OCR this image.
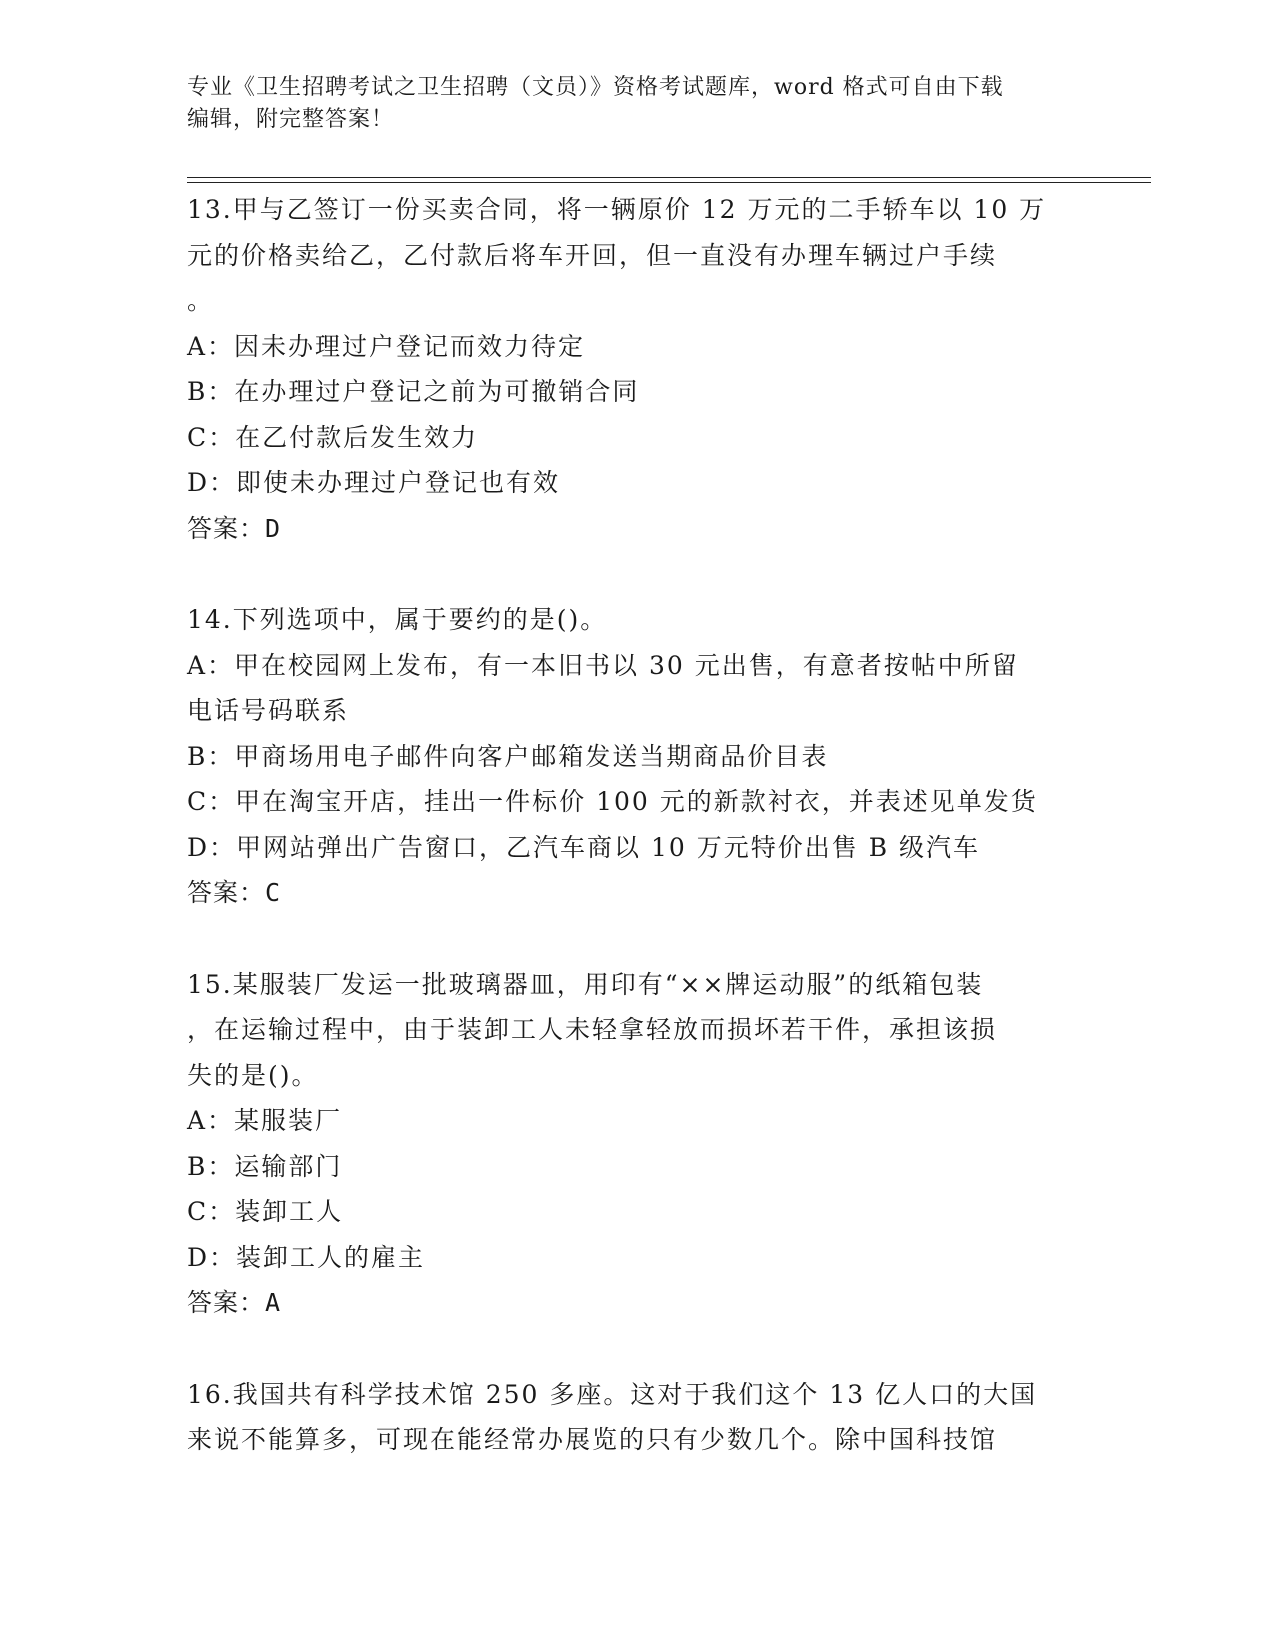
专业《卫生招聘考试之卫生招聘（文员）》资格考试题库，word 格式可自由下载
编辑，附完整答案！
13.甲与乙签订一份买卖合同，将一辆原价 12 万元的二手轿车以 10 万
元的价格卖给乙，乙付款后将车开回，但一直没有办理车辆过户手续
。
A：因未办理过户登记而效力待定
B：在办理过户登记之前为可撤销合同
C：在乙付款后发生效力
D：即使未办理过户登记也有效
答案：D
14.下列选项中，属于要约的是()。
A：甲在校园网上发布，有一本旧书以 30 元出售，有意者按帖中所留
电话号码联系
B：甲商场用电子邮件向客户邮箱发送当期商品价目表
C：甲在淘宝开店，挂出一件标价 100 元的新款衬衣，并表述见单发货
D：甲网站弹出广告窗口，乙汽车商以 10 万元特价出售 B 级汽车
答案：C
15.某服装厂发运一批玻璃器皿，用印有“××牌运动服”的纸箱包装
，在运输过程中，由于装卸工人未轻拿轻放而损坏若干件，承担该损
失的是()。
A：某服装厂
B：运输部门
C：装卸工人
D：装卸工人的雇主
答案：A
16.我国共有科学技术馆 250 多座。这对于我们这个 13 亿人口的大国
来说不能算多，可现在能经常办展览的只有少数几个。除中国科技馆
